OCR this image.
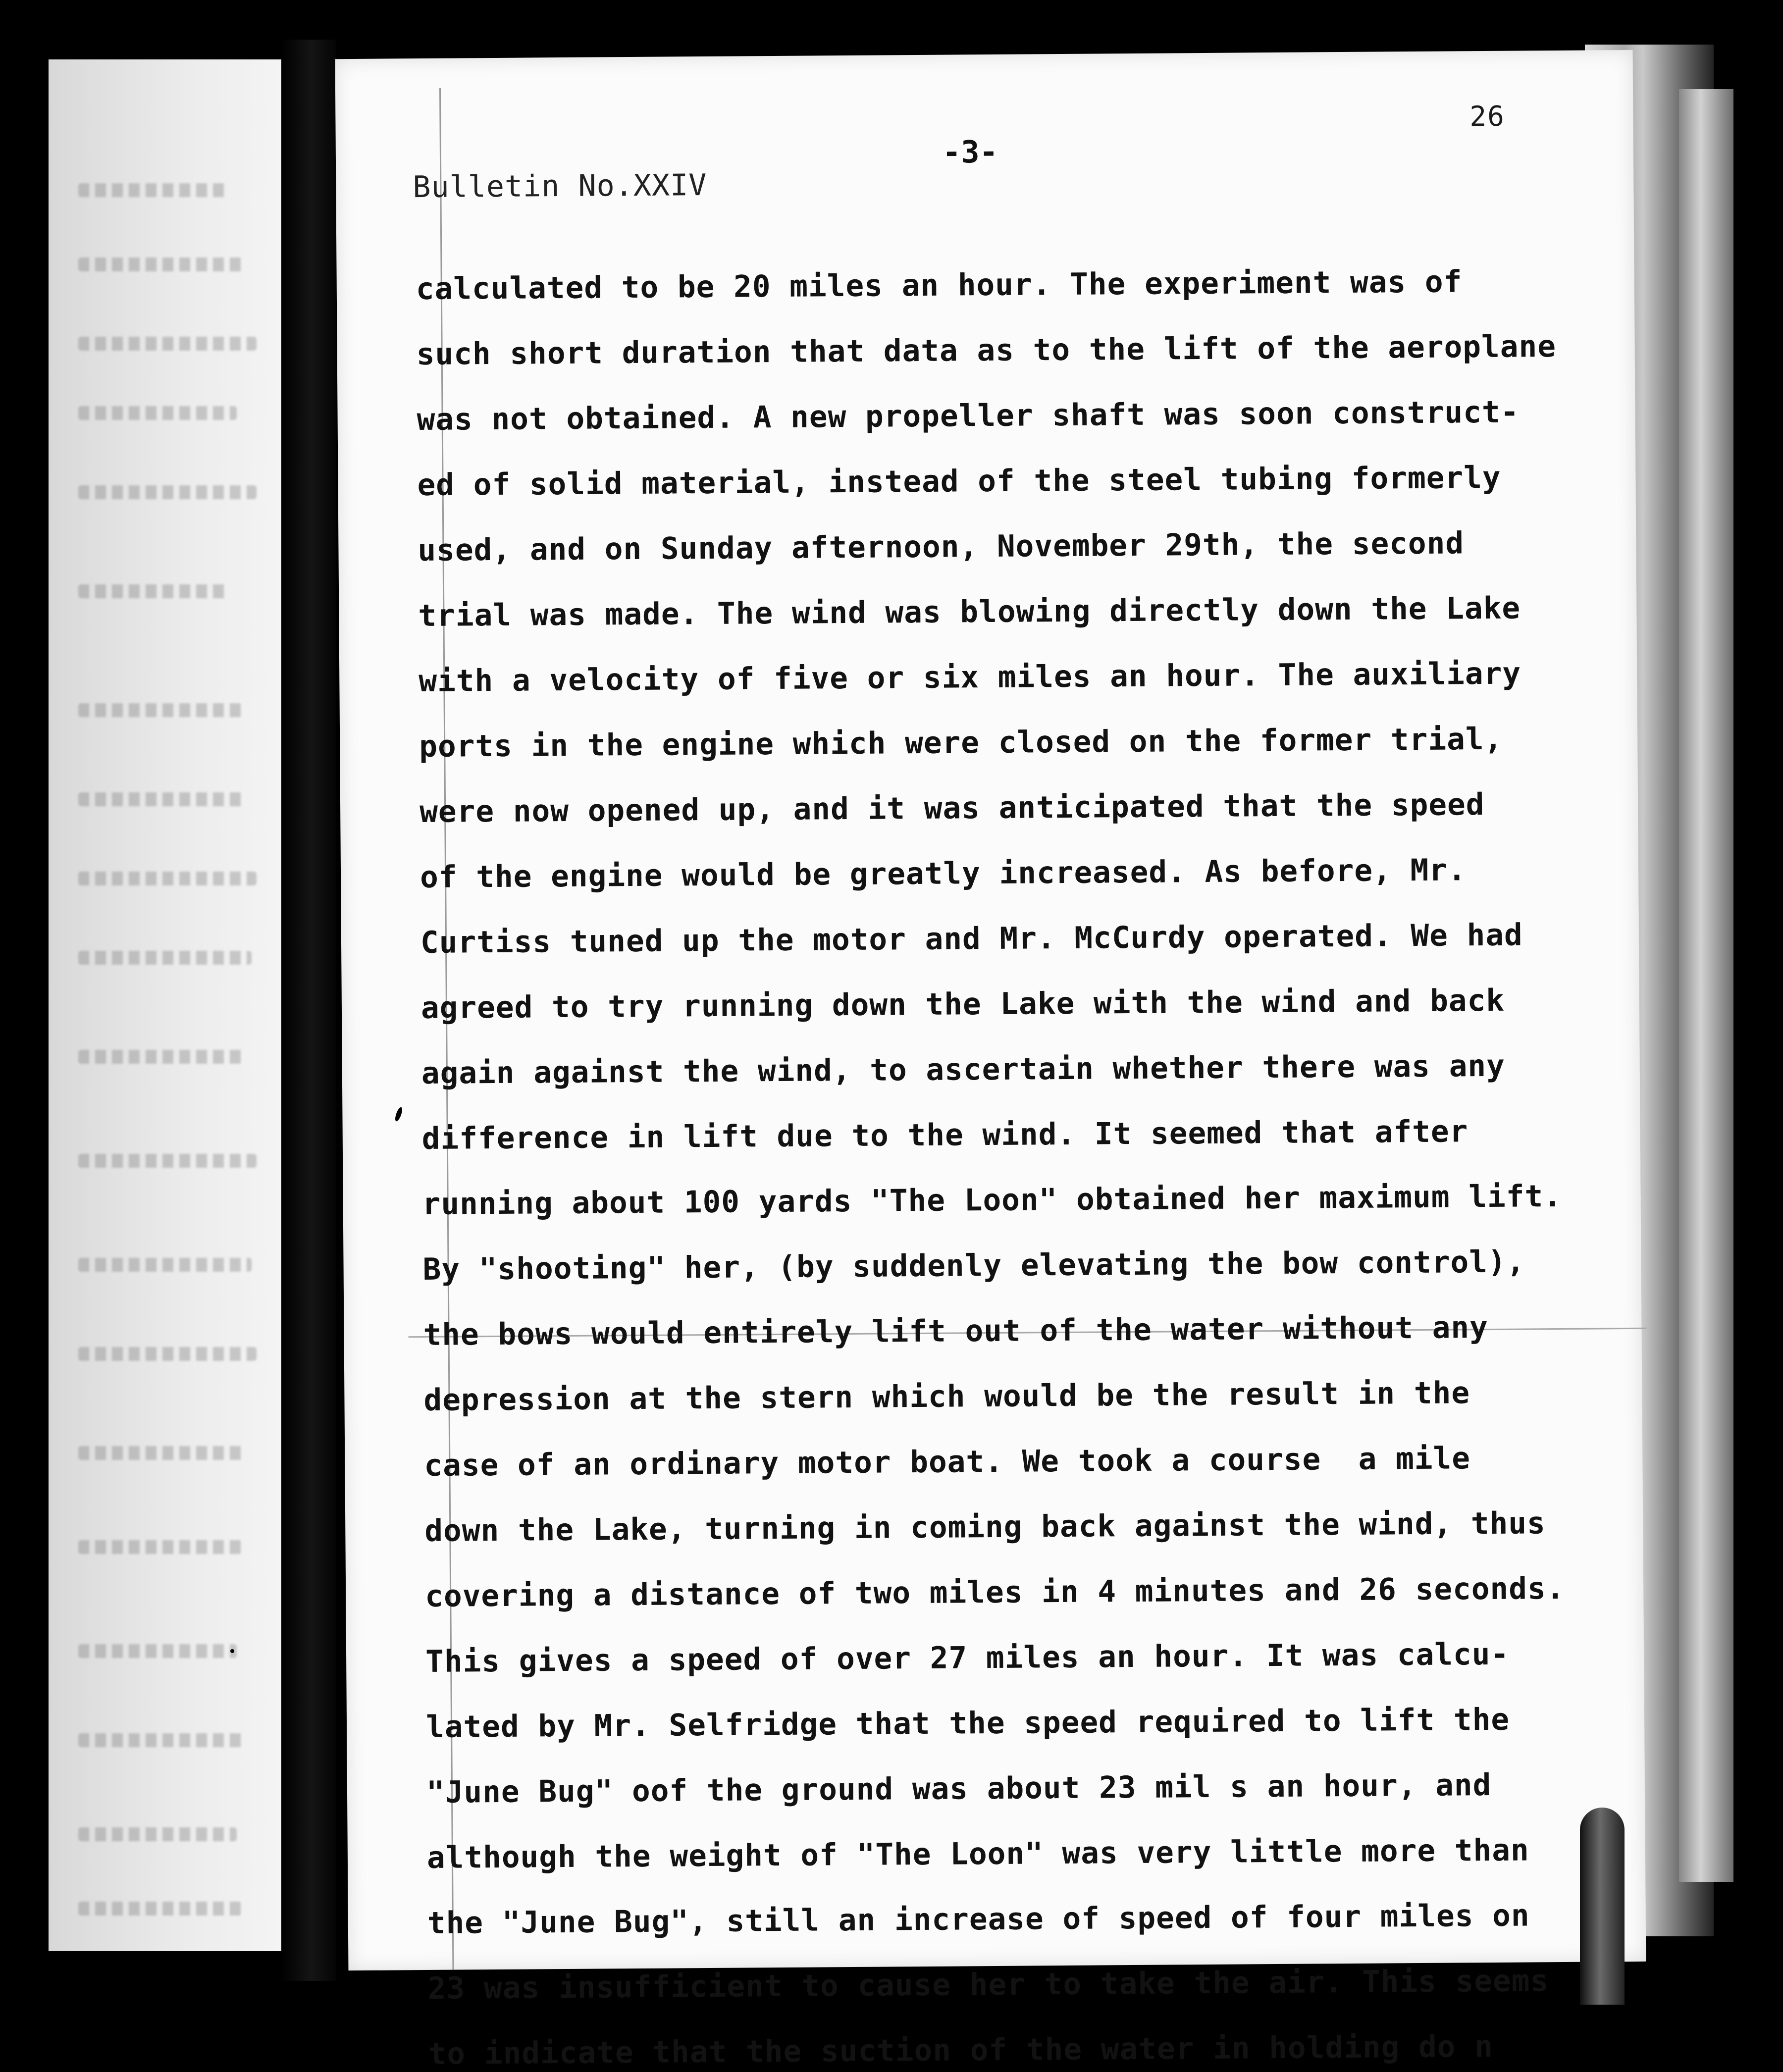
26
-3-
Bulletin No.XXIV
calculated to be 20 miles an hour. The experiment was of
such short duration that data as to the lift of the aeroplane
was not obtained. A new propeller shaft was soon construct-
ed of solid material, instead of the steel tubing formerly
used, and on Sunday afternoon, November 29th, the second
trial was made. The wind was blowing directly down the Lake
with a velocity of five or six miles an hour. The auxiliary
ports in the engine which were closed on the former trial,
were now opened up, and it was anticipated that the speed
of the engine would be greatly increased. As before, Mr.
Curtiss tuned up the motor and Mr. McCurdy operated. We had
agreed to try running down the Lake with the wind and back
again against the wind, to ascertain whether there was any
difference in lift due to the wind. It seemed that after
running about 100 yards "The Loon" obtained her maximum lift.
By "shooting" her, (by suddenly elevating the bow control),
the bows would entirely lift out of the water without any
depression at the stern which would be the result in the
case of an ordinary motor boat. We took a course  a mile
down the Lake, turning in coming back against the wind, thus
covering a distance of two miles in 4 minutes and 26 seconds.
This gives a speed of over 27 miles an hour. It was calcu-
lated by Mr. Selfridge that the speed required to lift the
"June Bug" oof the ground was about 23 mil s an hour, and
although the weight of "The Loon" was very little more than
the "June Bug", still an increase of speed of four miles on
23 was insufficient to cause her to take the air. This seems
to indicate that the suction of the water in holding do n
